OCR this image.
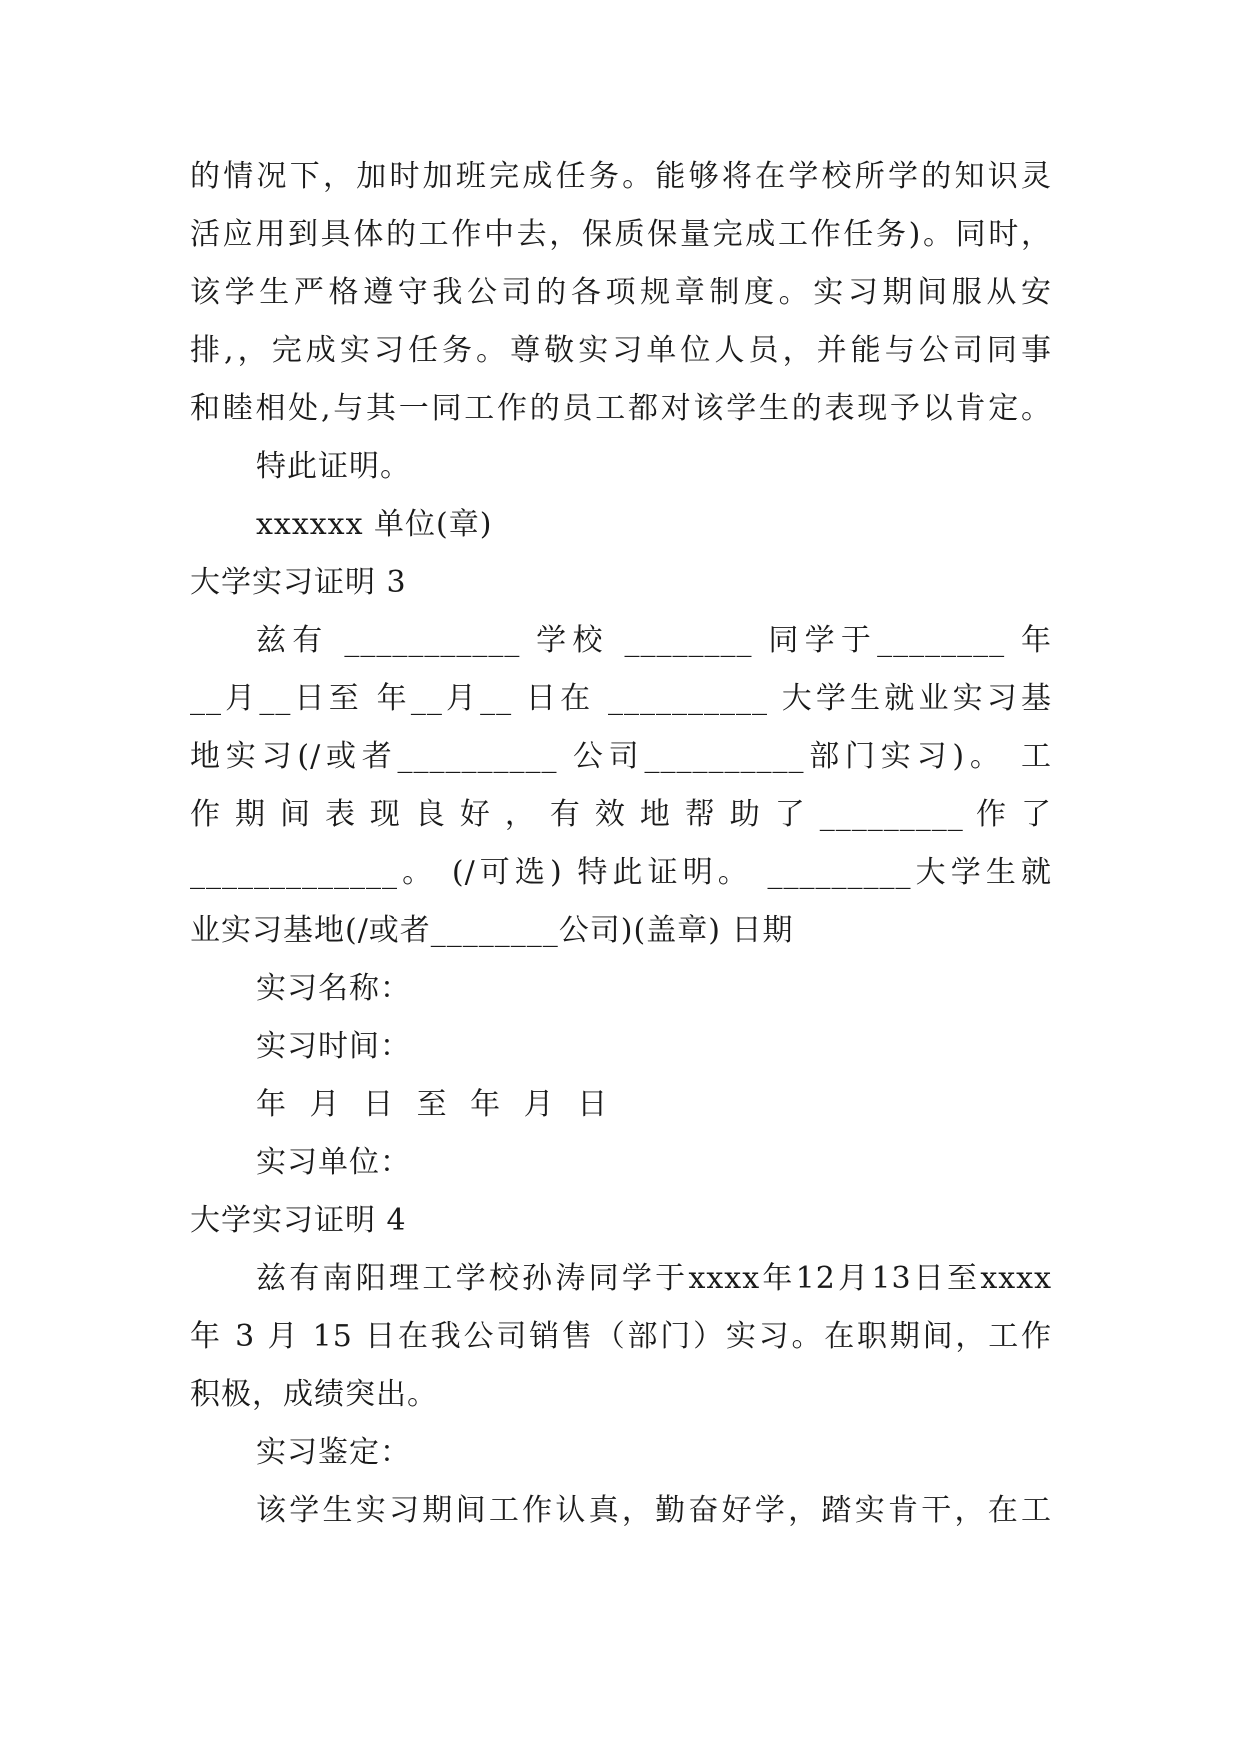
的情况下，加时加班完成任务。能够将在学校所学的知识灵
活应用到具体的工作中去，保质保量完成工作任务)。同时，
该学生严格遵守我公司的各项规章制度。实习期间服从安
排,，完成实习任务。尊敬实习单位人员，并能与公司同事
和睦相处,与其一同工作的员工都对该学生的表现予以肯定。
特此证明。
xxxxxx 单位(章)
大学实习证明 3
兹有 ___________ 学校 ________ 同学于________ 年
__月__日至 年__月__ 日在 __________ 大学生就业实习基
地实习(/或者__________ 公司__________部门实习)。 工
作 期 间 表 现 良 好 ， 有 效 地 帮 助 了 _________ 作 了
_____________。 (/可选) 特此证明。 _________大学生就
业实习基地(/或者________公司)(盖章) 日期
实习名称：
实习时间：
年 月 日 至 年 月 日
实习单位：
大学实习证明 4
兹有南阳理工学校孙涛同学于xxxx年12月13日至xxxx
年 3 月 15 日在我公司销售（部门）实习。在职期间，工作
积极，成绩突出。
实习鉴定：
该学生实习期间工作认真，勤奋好学，踏实肯干，在工
